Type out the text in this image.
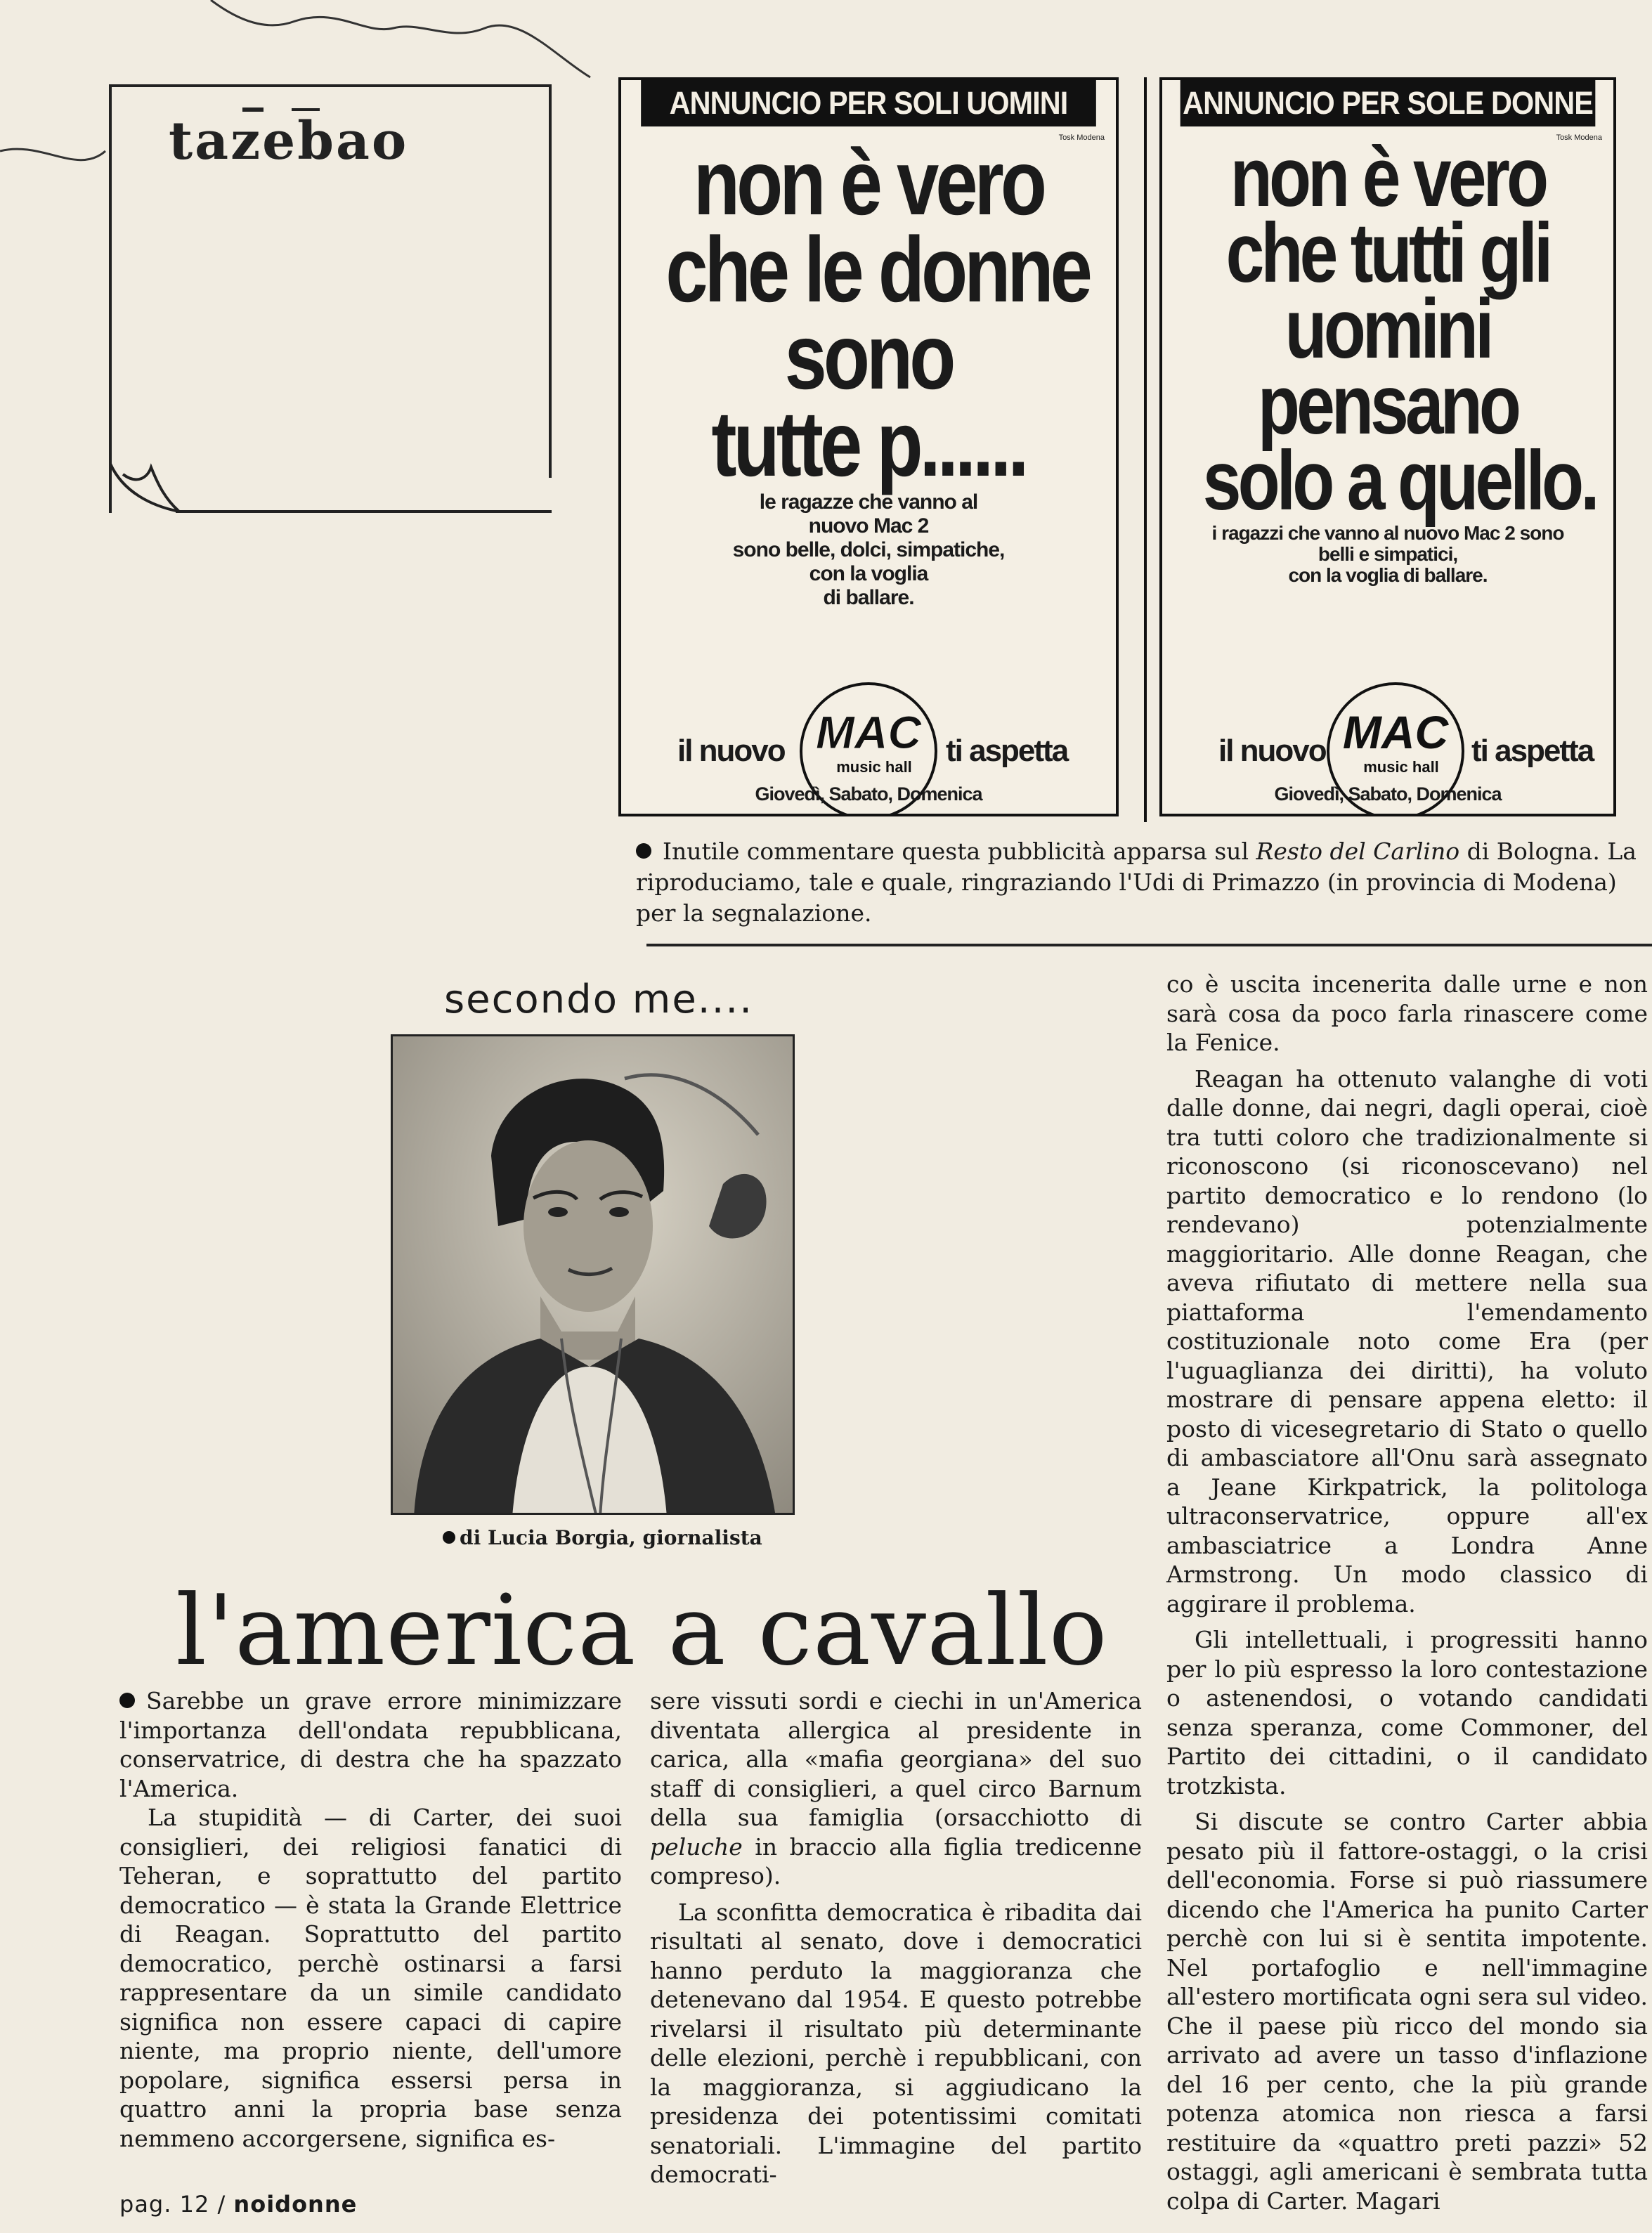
tazebao
ANNUNCIO PER SOLI UOMINI
Tosk Modena
non è vero
che le donne
sono
tutte p......
le ragazze che vanno al
nuovo Mac 2
sono belle, dolci, simpatiche,
con la voglia
di ballare.
il nuovo MAC
music hall ti aspetta
Giovedì, Sabato, Domenica
ANNUNCIO PER SOLE DONNE
Tosk Modena
non è vero
che tutti gli
uomini
pensano
solo a quello.
i ragazzi che vanno al nuovo Mac 2 sono
belli e simpatici,
con la voglia di ballare.
il nuovo MAC
music hall ti aspetta
Giovedì, Sabato, Domenica
Inutile commentare questa pubblicità apparsa sul Resto del Carlino di Bologna. La riproduciamo, tale e quale, ringraziando l'Udi di Primazzo (in provincia di Modena) per la segnalazione.
secondo me....
di Lucia Borgia, giornalista
l'america a cavallo

Sarebbe un grave errore minimizzare l'importanza dell'ondata repubblicana, conservatrice, di destra che ha spazzato l'America.

La stupidità — di Carter, dei suoi consiglieri, dei religiosi fanatici di Teheran, e soprattutto del partito democratico — è stata la Grande Elettrice di Reagan. Soprattutto del partito democratico, perchè ostinarsi a farsi rappresentare da un simile candidato significa non essere capaci di capire niente, ma proprio niente, dell'umore popolare, significa essersi persa in quattro anni la propria base senza nemmeno accorgersene, significa es-

sere vissuti sordi e ciechi in un'America diventata allergica al presidente in carica, alla «mafia georgiana» del suo staff di consiglieri, a quel circo Barnum della sua famiglia (orsacchiotto di peluche in braccio alla figlia tredicenne compreso).

La sconfitta democratica è ribadita dai risultati al senato, dove i democratici hanno perduto la maggioranza che detenevano dal 1954. E questo potrebbe rivelarsi il risultato più determinante delle elezioni, perchè i repubblicani, con la maggioranza, si aggiudicano la presidenza dei potentissimi comitati senatoriali. L'immagine del partito democrati-

co è uscita incenerita dalle urne e non sarà cosa da poco farla rinascere come la Fenice.

Reagan ha ottenuto valanghe di voti dalle donne, dai negri, dagli operai, cioè tra tutti coloro che tradizionalmente si riconoscono (si riconoscevano) nel partito democratico e lo rendono (lo rendevano) potenzialmente maggioritario. Alle donne Reagan, che aveva rifiutato di mettere nella sua piattaforma l'emendamento costituzionale noto come Era (per l'uguaglianza dei diritti), ha voluto mostrare di pensare appena eletto: il posto di vicesegretario di Stato o quello di ambasciatore all'Onu sarà assegnato a Jeane Kirkpatrick, la politologa ultraconservatrice, oppure all'ex ambasciatrice a Londra Anne Armstrong. Un modo classico di aggirare il problema.

Gli intellettuali, i progressiti hanno per lo più espresso la loro contestazione o astenendosi, o votando candidati senza speranza, come Commoner, del Partito dei cittadini, o il candidato trotzkista.

Si discute se contro Carter abbia pesato più il fattore-ostaggi, o la crisi dell'economia. Forse si può riassumere dicendo che l'America ha punito Carter perchè con lui si è sentita impotente. Nel portafoglio e nell'immagine all'estero mortificata ogni sera sul video. Che il paese più ricco del mondo sia arrivato ad avere un tasso d'inflazione del 16 per cento, che la più grande potenza atomica non riesca a farsi restituire da «quattro preti pazzi» 52 ostaggi, agli americani è sembrata tutta colpa di Carter. Magari

pag. 12 / noidonne
